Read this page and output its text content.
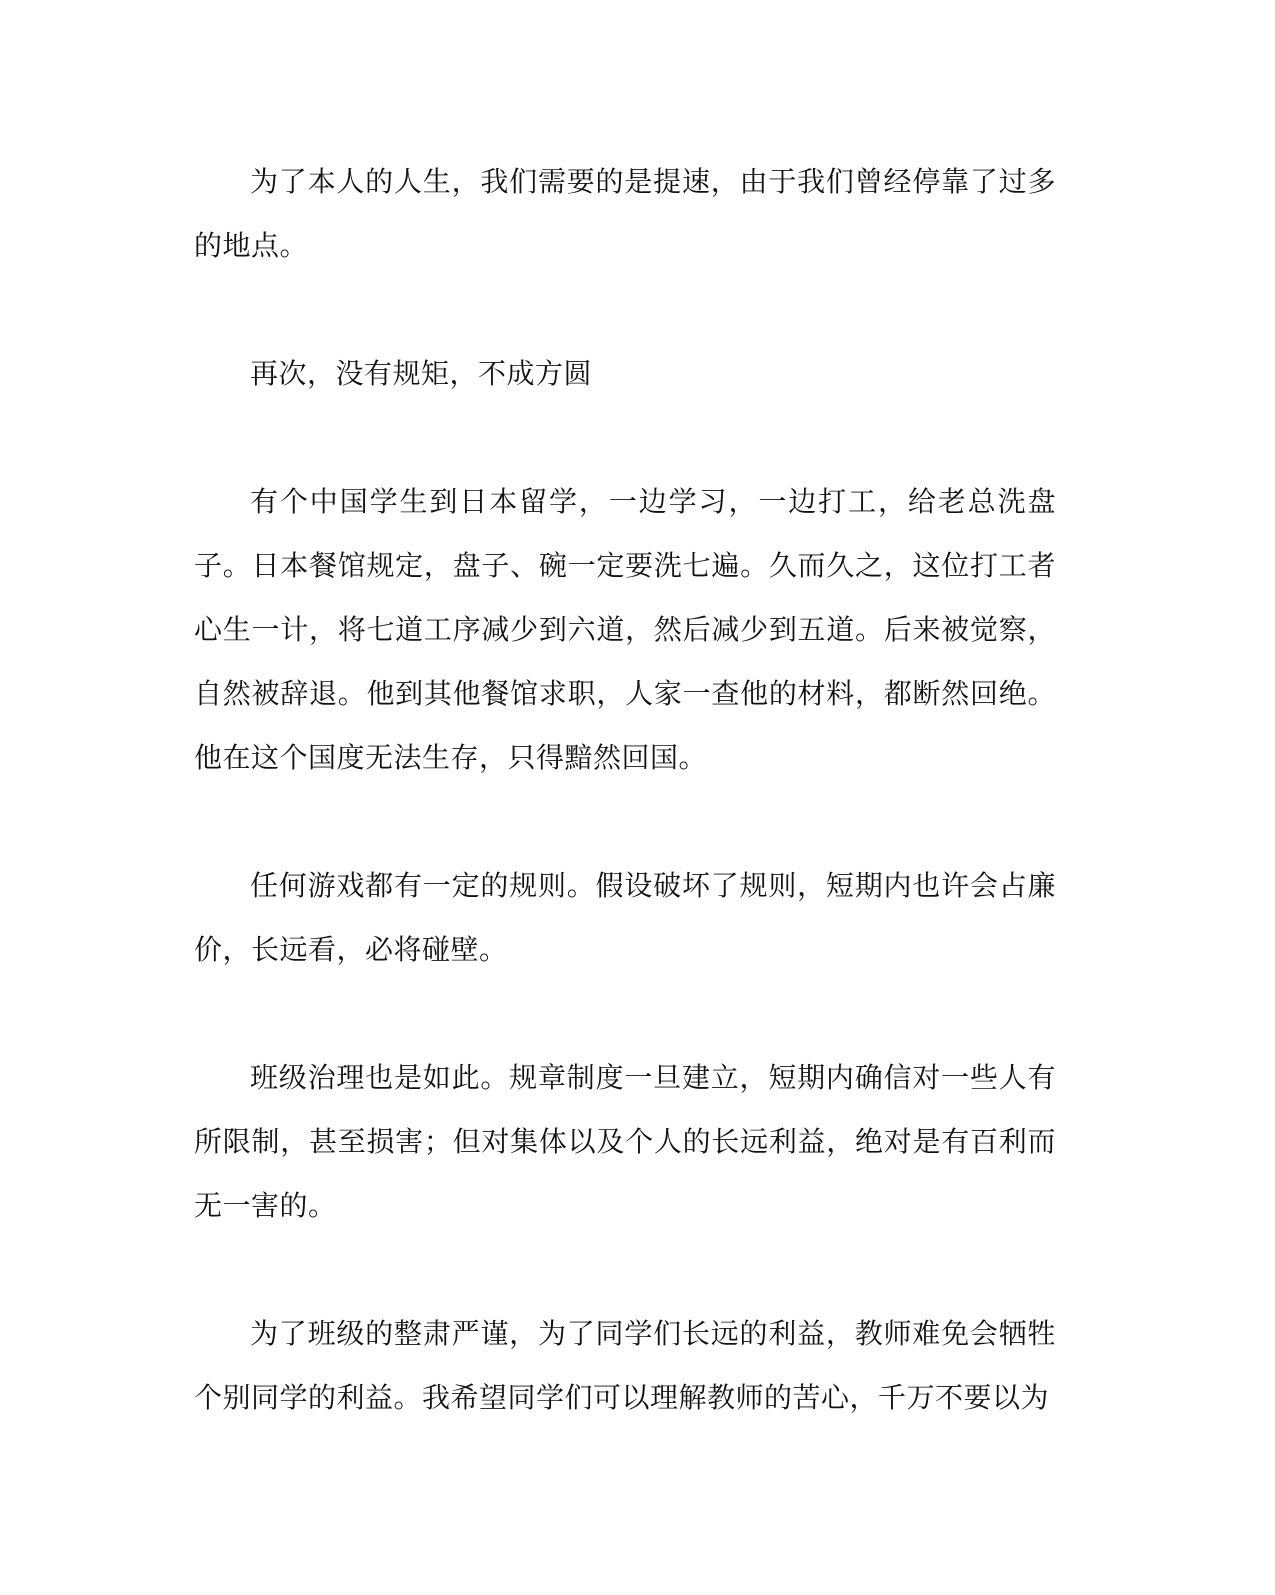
为了本人的人生，我们需要的是提速，由于我们曾经停靠了过多的地点。

再次，没有规矩，不成方圆

有个中国学生到日本留学，一边学习，一边打工，给老总洗盘子。日本餐馆规定，盘子、碗一定要洗七遍。久而久之，这位打工者心生一计，将七道工序减少到六道，然后减少到五道。后来被觉察，自然被辞退。他到其他餐馆求职，人家一查他的材料，都断然回绝。他在这个国度无法生存，只得黯然回国。

任何游戏都有一定的规则。假设破坏了规则，短期内也许会占廉价，长远看，必将碰壁。

班级治理也是如此。规章制度一旦建立，短期内确信对一些人有所限制，甚至损害；但对集体以及个人的长远利益，绝对是有百利而无一害的。

为了班级的整肃严谨，为了同学们长远的利益，教师难免会牺牲个别同学的利益。我希望同学们可以理解教师的苦心，千万不要以为
